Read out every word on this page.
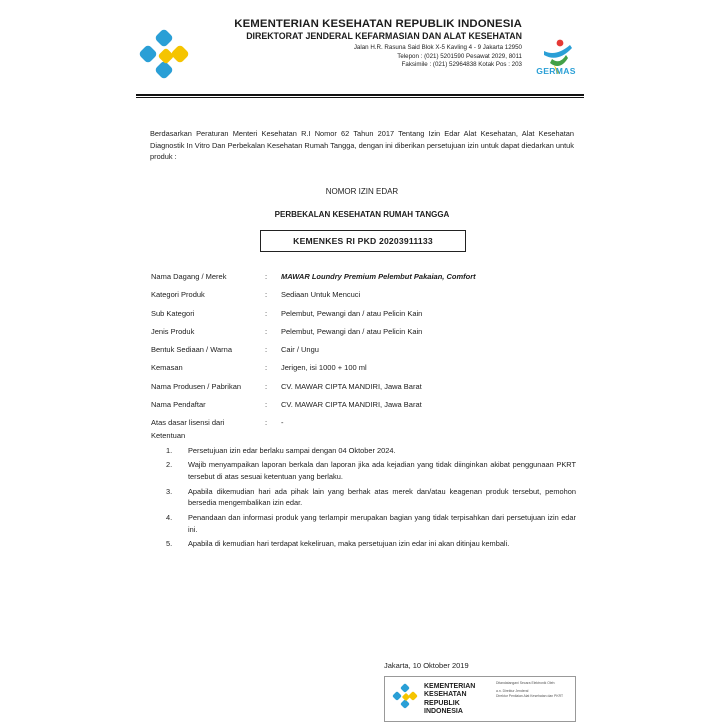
KEMENTERIAN KESEHATAN REPUBLIK INDONESIA
DIREKTORAT JENDERAL KEFARMASIAN DAN ALAT KESEHATAN
Jalan H.R. Rasuna Said Blok X-5 Kavling 4 - 9 Jakarta 12950
Telepon : (021) 5201590 Pesawat 2029, 8011
Faksimile : (021) 52964838 Kotak Pos : 203
GERMAS
Berdasarkan Peraturan Menteri Kesehatan R.I Nomor 62 Tahun 2017 Tentang Izin Edar Alat Kesehatan, Alat Kesehatan Diagnostik In Vitro Dan Perbekalan Kesehatan Rumah Tangga, dengan ini diberikan persetujuan izin untuk dapat diedarkan untuk produk :
NOMOR IZIN EDAR
PERBEKALAN KESEHATAN RUMAH TANGGA
KEMENKES RI PKD 20203911133
Nama Dagang / Merek	: MAWAR Loundry Premium Pelembut Pakaian, Comfort
Kategori Produk	: Sediaan Untuk Mencuci
Sub Kategori	: Pelembut, Pewangi dan / atau Pelicin Kain
Jenis Produk	: Pelembut, Pewangi dan / atau Pelicin Kain
Bentuk Sediaan / Warna	: Cair / Ungu
Kemasan	: Jerigen, isi 1000 + 100 ml
Nama Produsen / Pabrikan	: CV. MAWAR CIPTA MANDIRI, Jawa Barat
Nama Pendaftar	: CV. MAWAR CIPTA MANDIRI, Jawa Barat
Atas dasar lisensi dari	: -
Ketentuan
1. Persetujuan izin edar berlaku sampai dengan 04 Oktober 2024.
2. Wajib menyampaikan laporan berkala dan laporan jika ada kejadian yang tidak diinginkan akibat penggunaan PKRT tersebut di atas sesuai ketentuan yang berlaku.
3. Apabila dikemudian hari ada pihak lain yang berhak atas merek dan/atau keagenan produk tersebut, pemohon bersedia mengembalikan izin edar.
4. Penandaan dan informasi produk yang terlampir merupakan bagian yang tidak terpisahkan dari persetujuan izin edar ini.
5. Apabila di kemudian hari terdapat kekeliruan, maka persetujuan izin edar ini akan ditinjau kembali.
Jakarta, 10 Oktober 2019
KEMENTERIAN
KESEHATAN
REPUBLIK
INDONESIA
Ditandatangani Secara Elektronik Oleh:
a.n. Direktur Jenderal
Direktur Penilaian Alat Kesehatan dan PKRT
